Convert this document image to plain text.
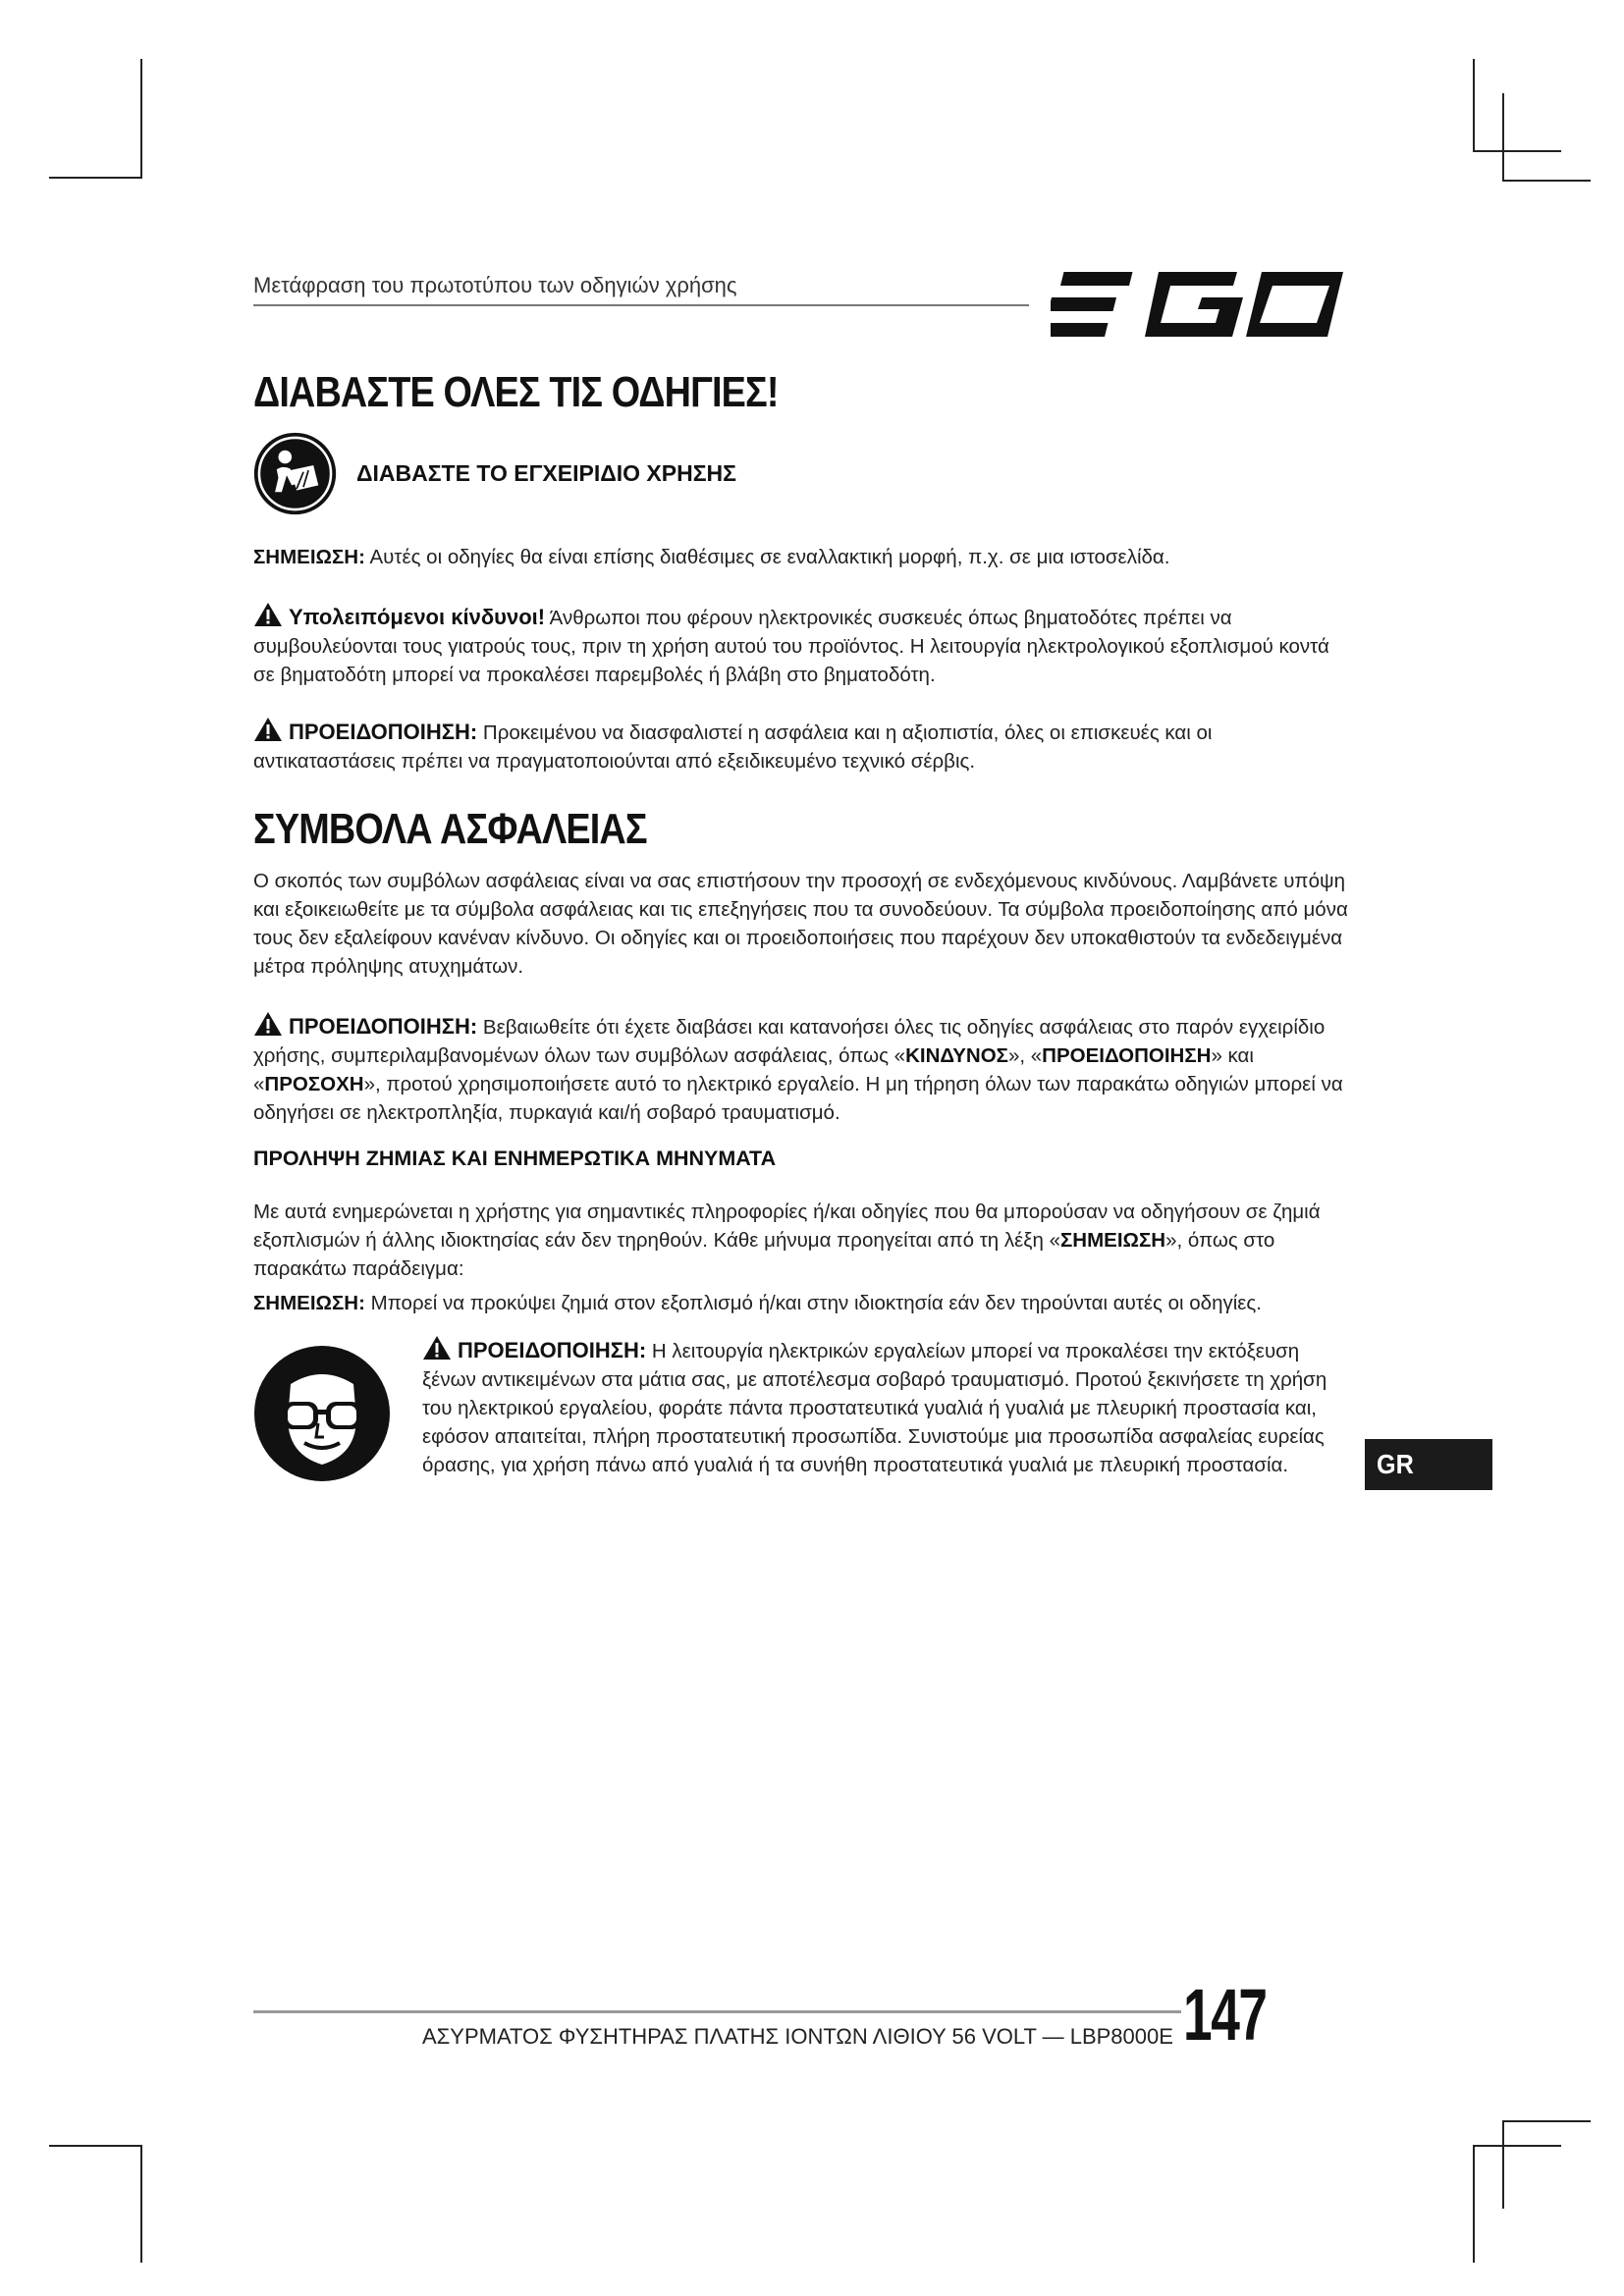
Μετάφραση του πρωτοτύπου των οδηγιών χρήσης
ΔΙΑΒΑΣΤΕ ΟΛΕΣ ΤΙΣ ΟΔΗΓΙΕΣ!
ΔΙΑΒΑΣΤΕ ΤΟ ΕΓΧΕΙΡΙΔΙΟ ΧΡΗΣΗΣ

ΣΗΜΕΙΩΣΗ: Αυτές οι οδηγίες θα είναι επίσης διαθέσιμες σε εναλλακτική μορφή, π.χ. σε μια ιστοσελίδα.

Υπολειπόμενοι κίνδυνοι! Άνθρωποι που φέρουν ηλεκτρονικές συσκευές όπως βηματοδότες πρέπει να συμβουλεύονται τους γιατρούς τους, πριν τη χρήση αυτού του προϊόντος. Η λειτουργία ηλεκτρολογικού εξοπλισμού κοντά σε βηματοδότη μπορεί να προκαλέσει παρεμβολές ή βλάβη στο βηματοδότη.

ΠΡΟΕΙΔΟΠΟΙΗΣΗ: Προκειμένου να διασφαλιστεί η ασφάλεια και η αξιοπιστία, όλες οι επισκευές και οι αντικαταστάσεις πρέπει να πραγματοποιούνται από εξειδικευμένο τεχνικό σέρβις.

ΣΥΜΒΟΛΑ ΑΣΦΑΛΕΙΑΣ

Ο σκοπός των συμβόλων ασφάλειας είναι να σας επιστήσουν την προσοχή σε ενδεχόμενους κινδύνους. Λαμβάνετε υπόψη και εξοικειωθείτε με τα σύμβολα ασφάλειας και τις επεξηγήσεις που τα συνοδεύουν. Τα σύμβολα προειδοποίησης από μόνα τους δεν εξαλείφουν κανέναν κίνδυνο. Οι οδηγίες και οι προειδοποιήσεις που παρέχουν δεν υποκαθιστούν τα ενδεδειγμένα μέτρα πρόληψης ατυχημάτων.

ΠΡΟΕΙΔΟΠΟΙΗΣΗ: Βεβαιωθείτε ότι έχετε διαβάσει και κατανοήσει όλες τις οδηγίες ασφάλειας στο παρόν εγχειρίδιο χρήσης, συμπεριλαμβανομένων όλων των συμβόλων ασφάλειας, όπως «ΚΙΝΔΥΝΟΣ», «ΠΡΟΕΙΔΟΠΟΙΗΣΗ» και «ΠΡΟΣΟΧΗ», προτού χρησιμοποιήσετε αυτό το ηλεκτρικό εργαλείο. Η μη τήρηση όλων των παρακάτω οδηγιών μπορεί να οδηγήσει σε ηλεκτροπληξία, πυρκαγιά και/ή σοβαρό τραυματισμό.

ΠΡΟΛΗΨΗ ΖΗΜΙΑΣ ΚΑΙ ΕΝΗΜΕΡΩΤΙΚΑ ΜΗΝΥΜΑΤΑ

Με αυτά ενημερώνεται η χρήστης για σημαντικές πληροφορίες ή/και οδηγίες που θα μπορούσαν να οδηγήσουν σε ζημιά εξοπλισμών ή άλλης ιδιοκτησίας εάν δεν τηρηθούν. Κάθε μήνυμα προηγείται από τη λέξη «ΣΗΜΕΙΩΣΗ», όπως στο παρακάτω παράδειγμα:

ΣΗΜΕΙΩΣΗ: Μπορεί να προκύψει ζημιά στον εξοπλισμό ή/και στην ιδιοκτησία εάν δεν τηρούνται αυτές οι οδηγίες.

ΠΡΟΕΙΔΟΠΟΙΗΣΗ: Η λειτουργία ηλεκτρικών εργαλείων μπορεί να προκαλέσει την εκτόξευση ξένων αντικειμένων στα μάτια σας, με αποτέλεσμα σοβαρό τραυματισμό. Προτού ξεκινήσετε τη χρήση του ηλεκτρικού εργαλείου, φοράτε πάντα προστατευτικά γυαλιά ή γυαλιά με πλευρική προστασία και, εφόσον απαιτείται, πλήρη προστατευτική προσωπίδα. Συνιστούμε μια προσωπίδα ασφαλείας ευρείας όρασης, για χρήση πάνω από γυαλιά ή τα συνήθη προστατευτικά γυαλιά με πλευρική προστασία.	GR
ΑΣΥΡΜΑΤΟΣ ΦΥΣΗΤΗΡΑΣ ΠΛΑΤΗΣ ΙΟΝΤΩΝ ΛΙΘΙΟΥ 56 VOLT — LBP8000E 147
